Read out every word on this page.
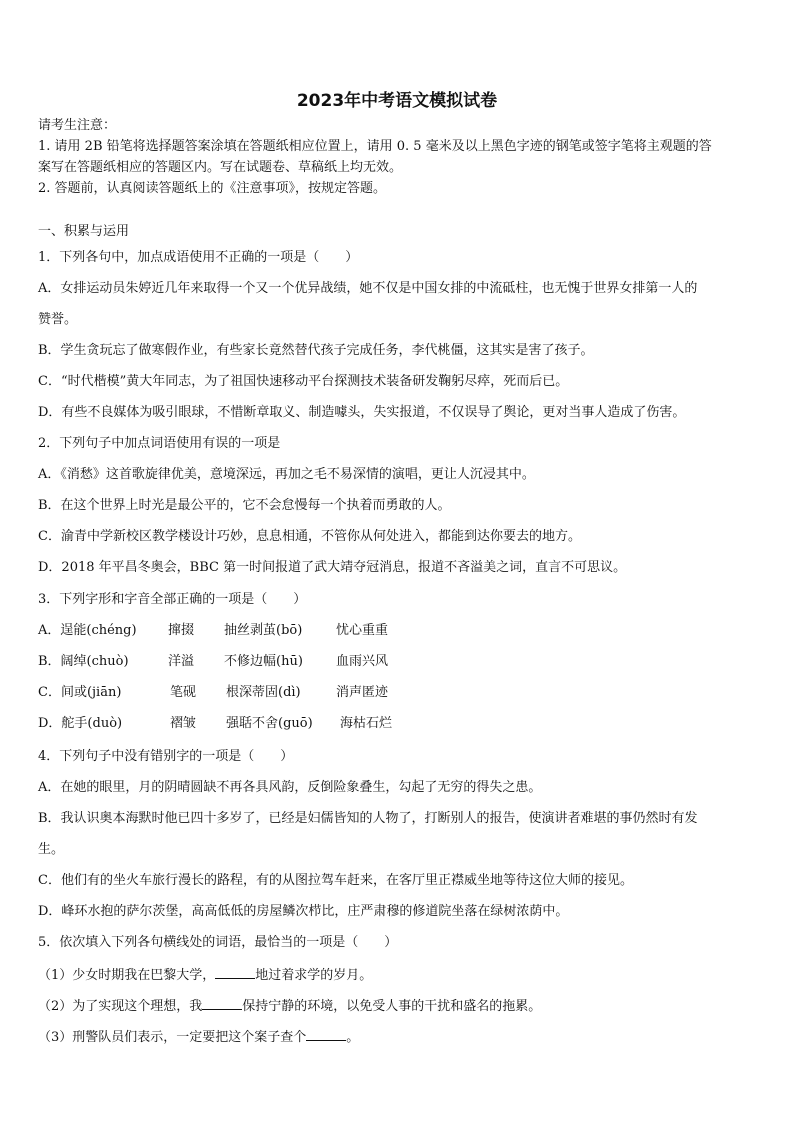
2023年中考语文模拟试卷
请考生注意：
1. 请用 2B 铅笔将选择题答案涂填在答题纸相应位置上，请用 0. 5 毫米及以上黑色字迹的钢笔或签字笔将主观题的答
案写在答题纸相应的答题区内。写在试题卷、草稿纸上均无效。
2. 答题前，认真阅读答题纸上的《注意事项》，按规定答题。
一、积累与运用
1．下列各句中，加点成语使用不正确的一项是（　　）
A．女排运动员朱婷近几年来取得一个又一个优异战绩，她不仅是中国女排的中流砥柱，也无愧于世界女排第一人的
赞誉。
B．学生贪玩忘了做寒假作业，有些家长竟然替代孩子完成任务，李代桃僵，这其实是害了孩子。
C．“时代楷模”黄大年同志，为了祖国快速移动平台探测技术装备研发鞠躬尽瘁，死而后已。
D．有些不良媒体为吸引眼球，不惜断章取义、制造噱头，失实报道，不仅误导了舆论，更对当事人造成了伤害。
2．下列句子中加点词语使用有误的一项是
A．《消愁》这首歌旋律优美，意境深远，再加之毛不易深情的演唱，更让人沉浸其中。
B．在这个世界上时光是最公平的，它不会怠慢每一个执着而勇敢的人。
C．渝青中学新校区教学楼设计巧妙，息息相通，不管你从何处进入，都能到达你要去的地方。
D．2018 年平昌冬奥会，BBC 第一时间报道了武大靖夺冠消息，报道不吝溢美之词，直言不可思议。
3．下列字形和字音全部正确的一项是（　　）
A．逞能(chéng) 撺掇 抽丝剥茧(bō)	忧心重重
B．阔绰(chuò)	洋溢 不修边幅(hū)	血雨兴风
C．间或(jiān)	笔砚 根深蒂固(dì)	消声匿迹
D．舵手(duò)	褶皱 强聒不舍(guō) 海枯石烂
4．下列句子中没有错别字的一项是（　　）
A．在她的眼里，月的阴晴圆缺不再各具风韵，反倒险象叠生，勾起了无穷的得失之患。
B．我认识奥本海默时他已四十多岁了，已经是妇儒皆知的人物了，打断别人的报告，使演讲者难堪的事仍然时有发
生。
C．他们有的坐火车旅行漫长的路程，有的从图拉驾车赶来，在客厅里正襟威坐地等待这位大师的接见。
D．峰环水抱的萨尔茨堡，高高低低的房屋鳞次栉比，庄严肃穆的修道院坐落在绿树浓荫中。
5．依次填入下列各句横线处的词语，最恰当的一项是（　　）
（1）少女时期我在巴黎大学，	地过着求学的岁月。
（2）为了实现这个理想，我	保持宁静的环境，以免受人事的干扰和盛名的拖累。
（3）刑警队员们表示，一定要把这个案子查个	。
